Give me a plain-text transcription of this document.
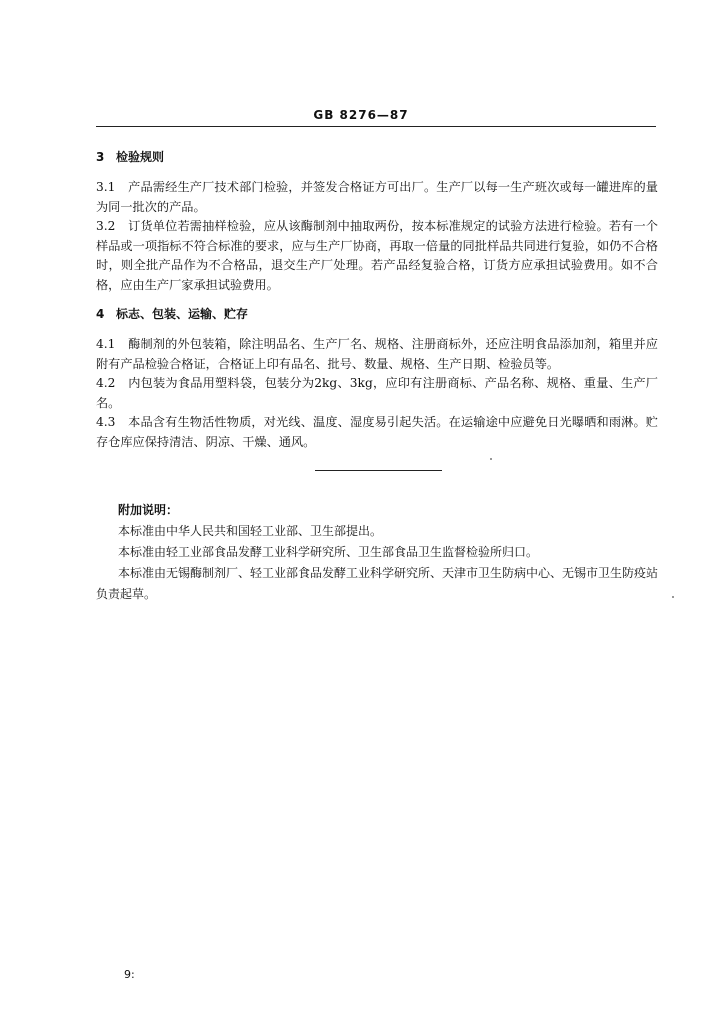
GB 8276—87
3 检验规则

3.1 产品需经生产厂技术部门检验，并签发合格证方可出厂。生产厂以每一生产班次或每一罐进库的量为同一批次的产品。

3.2 订货单位若需抽样检验，应从该酶制剂中抽取两份，按本标准规定的试验方法进行检验。若有一个样品或一项指标不符合标准的要求，应与生产厂协商，再取一倍量的同批样品共同进行复验，如仍不合格时，则全批产品作为不合格品，退交生产厂处理。若产品经复验合格，订货方应承担试验费用。如不合格，应由生产厂家承担试验费用。

4 标志、包装、运输、贮存

4.1 酶制剂的外包装箱，除注明品名、生产厂名、规格、注册商标外，还应注明食品添加剂，箱里并应附有产品检验合格证，合格证上印有品名、批号、数量、规格、生产日期、检验员等。

4.2 内包装为食品用塑料袋，包装分为2kg、3kg，应印有注册商标、产品名称、规格、重量、生产厂名。

4.3 本品含有生物活性物质，对光线、温度、湿度易引起失活。在运输途中应避免日光曝晒和雨淋。贮存仓库应保持清洁、阴凉、干燥、通风。

附加说明：

本标准由中华人民共和国轻工业部、卫生部提出。

本标准由轻工业部食品发酵工业科学研究所、卫生部食品卫生监督检验所归口。

本标准由无锡酶制剂厂、轻工业部食品发酵工业科学研究所、天津市卫生防病中心、无锡市卫生防疫站负责起草。

9:
